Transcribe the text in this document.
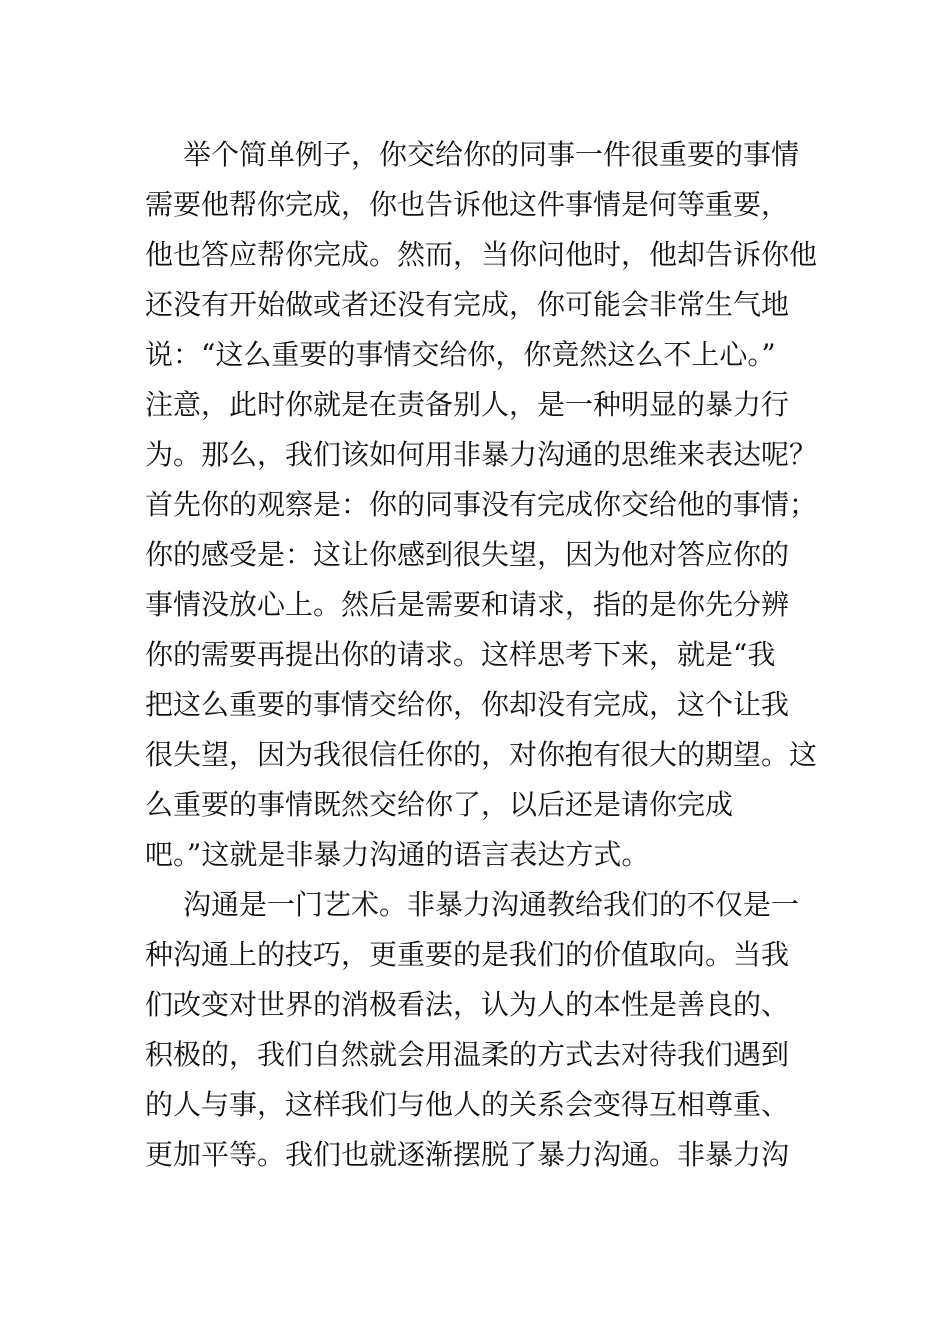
举个简单例子，你交给你的同事一件很重要的事情
需要他帮你完成，你也告诉他这件事情是何等重要，
他也答应帮你完成。然而，当你问他时，他却告诉你他
还没有开始做或者还没有完成，你可能会非常生气地
说：“这么重要的事情交给你，你竟然这么不上心。”
注意，此时你就是在责备别人，是一种明显的暴力行
为。那么，我们该如何用非暴力沟通的思维来表达呢？
首先你的观察是：你的同事没有完成你交给他的事情；
你的感受是：这让你感到很失望，因为他对答应你的
事情没放心上。然后是需要和请求，指的是你先分辨
你的需要再提出你的请求。这样思考下来，就是“我
把这么重要的事情交给你，你却没有完成，这个让我
很失望，因为我很信任你的，对你抱有很大的期望。这
么重要的事情既然交给你了，以后还是请你完成
吧。”这就是非暴力沟通的语言表达方式。
沟通是一门艺术。非暴力沟通教给我们的不仅是一
种沟通上的技巧，更重要的是我们的价值取向。当我
们改变对世界的消极看法，认为人的本性是善良的、
积极的，我们自然就会用温柔的方式去对待我们遇到
的人与事，这样我们与他人的关系会变得互相尊重、
更加平等。我们也就逐渐摆脱了暴力沟通。非暴力沟
